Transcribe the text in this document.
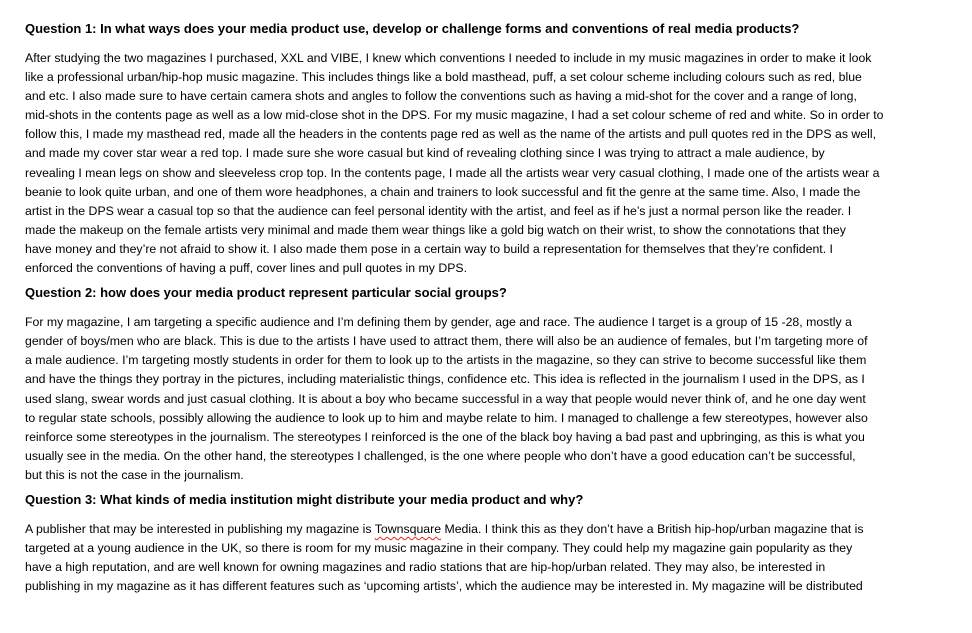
Question 1: In what ways does your media product use, develop or challenge forms and conventions of real media products?
After studying the two magazines I purchased, XXL and VIBE, I knew which conventions I needed to include in my music magazines in order to make it look
like a professional urban/hip-hop music magazine. This includes things like a bold masthead, puff, a set colour scheme including colours such as red, blue
and etc. I also made sure to have certain camera shots and angles to follow the conventions such as having a mid-shot for the cover and a range of long,
mid-shots in the contents page as well as a low mid-close shot in the DPS. For my music magazine, I had a set colour scheme of red and white. So in order to
follow this, I made my masthead red, made all the headers in the contents page red as well as the name of the artists and pull quotes red in the DPS as well,
and made my cover star wear a red top. I made sure she wore casual but kind of revealing clothing since I was trying to attract a male audience, by
revealing I mean legs on show and sleeveless crop top. In the contents page, I made all the artists wear very casual clothing, I made one of the artists wear a
beanie to look quite urban, and one of them wore headphones, a chain and trainers to look successful and fit the genre at the same time. Also, I made the
artist in the DPS wear a casual top so that the audience can feel personal identity with the artist, and feel as if he’s just a normal person like the reader. I
made the makeup on the female artists very minimal and made them wear things like a gold big watch on their wrist, to show the connotations that they
have money and they’re not afraid to show it. I also made them pose in a certain way to build a representation for themselves that they’re confident. I
enforced the conventions of having a puff, cover lines and pull quotes in my DPS.
Question 2: how does your media product represent particular social groups?
For my magazine, I am targeting a specific audience and I’m defining them by gender, age and race. The audience I target is a group of 15 -28, mostly a
gender of boys/men who are black. This is due to the artists I have used to attract them, there will also be an audience of females, but I’m targeting more of
a male audience. I’m targeting mostly students in order for them to look up to the artists in the magazine, so they can strive to become successful like them
and have the things they portray in the pictures, including materialistic things, confidence etc. This idea is reflected in the journalism I used in the DPS, as I
used slang, swear words and just casual clothing. It is about a boy who became successful in a way that people would never think of, and he one day went
to regular state schools, possibly allowing the audience to look up to him and maybe relate to him. I managed to challenge a few stereotypes, however also
reinforce some stereotypes in the journalism. The stereotypes I reinforced is the one of the black boy having a bad past and upbringing, as this is what you
usually see in the media. On the other hand, the stereotypes I challenged, is the one where people who don’t have a good education can’t be successful,
but this is not the case in the journalism.
Question 3: What kinds of media institution might distribute your media product and why?
A publisher that may be interested in publishing my magazine is Townsquare Media. I think this as they don’t have a British hip-hop/urban magazine that is
targeted at a young audience in the UK, so there is room for my music magazine in their company. They could help my magazine gain popularity as they
have a high reputation, and are well known for owning magazines and radio stations that are hip-hop/urban related. They may also, be interested in
publishing in my magazine as it has different features such as ‘upcoming artists’, which the audience may be interested in. My magazine will be distributed
